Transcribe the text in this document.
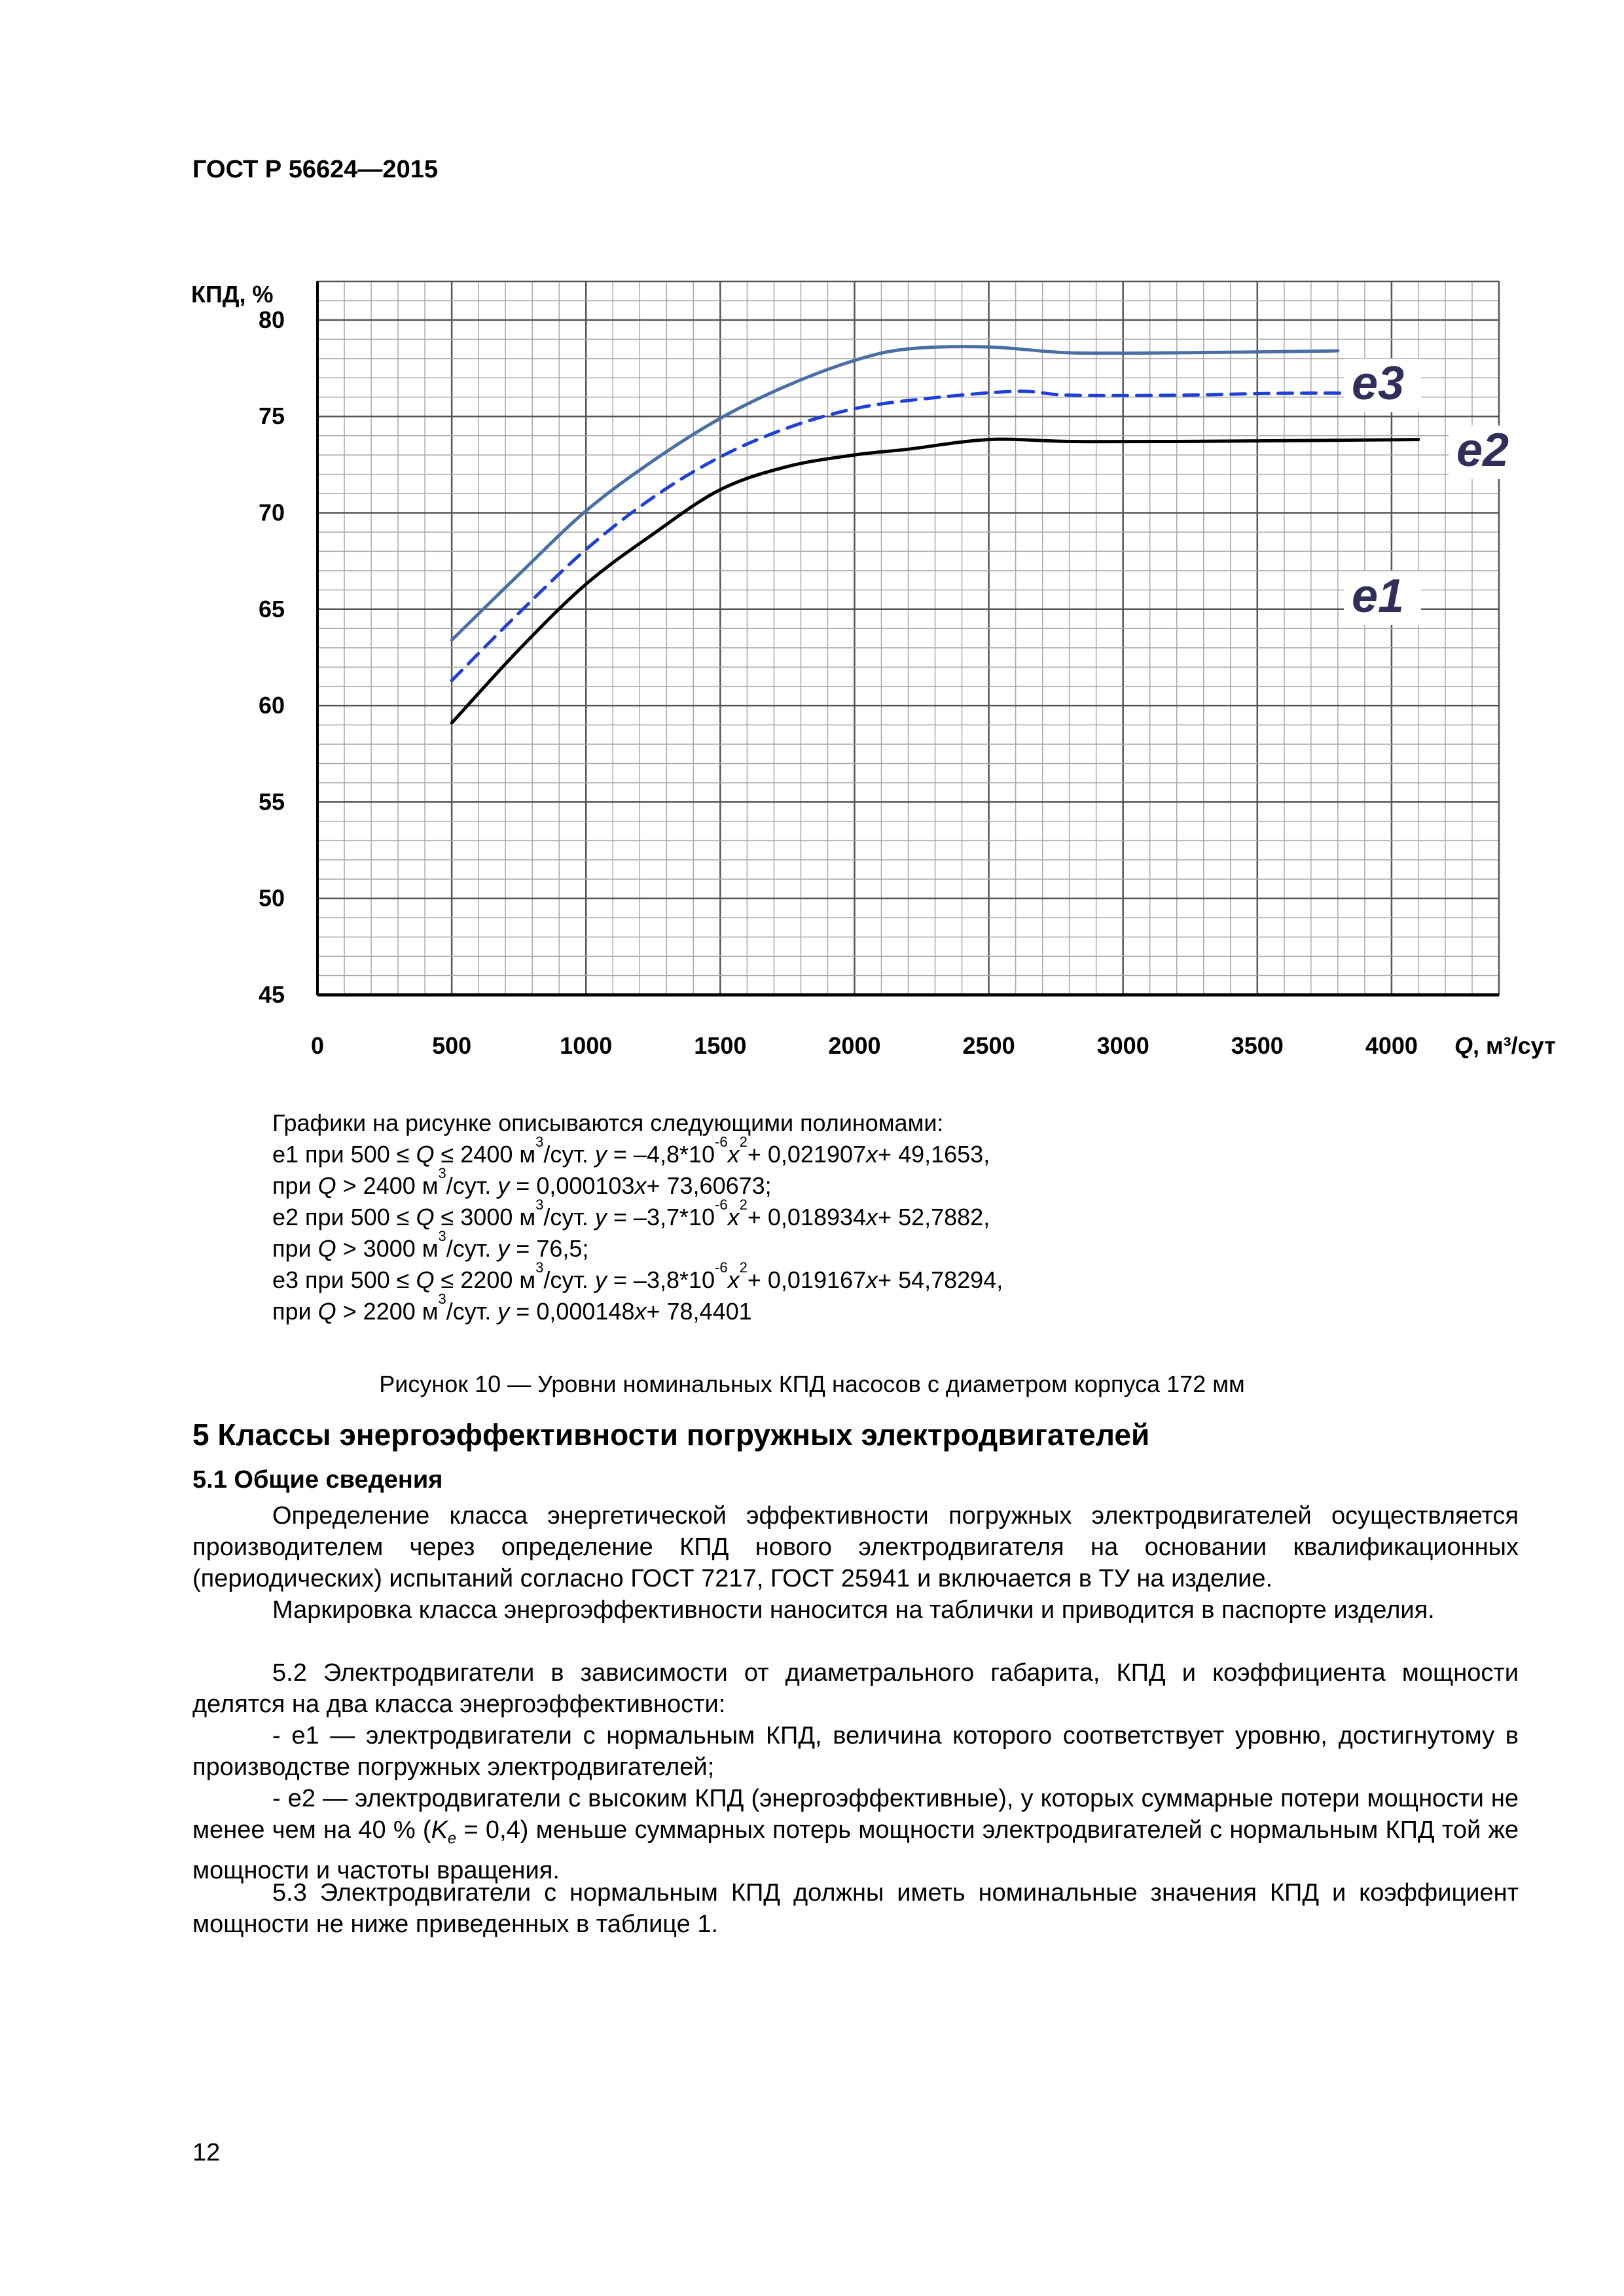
ГОСТ Р 56624—2015
45
50
55
60
65
70
75
80
0	500	1000	1500	2000	2500	3000	3500	4000
КПД, %
Q, м³/сут
e3
e2
e1
Графики на рисунке описываются следующими полиномами:
е1 при 500 ≤ Q ≤ 2400 $м^3$/сут. $y = -4,8*10^{-6}x^2+ 0,021907x+ 49,1653$,
при Q > 2400 $м^3$/сут. y = 0,000103x+ 73,60673;
е2 при 500 ≤ Q ≤ 3000 $м^3$/сут. $y = -3,7*10^{-6}x^2+ 0,018934x+ 52,7882$,
при Q > 3000 $м^3$/сут. y = 76,5;
е3 при 500 ≤ Q ≤ 2200 $м^3$/сут. $y = -3,8*10^{-6}x^2+ 0,019167x+ 54,78294$,
при Q > 2200 $м^3$/сут. y = 0,000148x+ 78,4401
Рисунок 10 — Уровни номинальных КПД насосов с диаметром корпуса 172 мм
5 Классы энергоэффективности погружных электродвигателей
5.1 Общие сведения

Определение класса энергетической эффективности погружных электродвигателей осуществляется производителем через определение КПД нового электродвигателя на основании квалификационных (периодических) испытаний согласно ГОСТ 7217, ГОСТ 25941 и включается в ТУ на изделие.

Маркировка класса энергоэффективности наносится на таблички и приводится в паспорте изделия.

5.2 Электродвигатели в зависимости от диаметрального габарита, КПД и коэффициента мощности делятся на два класса энергоэффективности:

- е1 — электродвигатели с нормальным КПД, величина которого соответствует уровню, достигнутому в производстве погружных электродвигателей;

- е2 — электродвигатели с высоким КПД (энергоэффективные), у которых суммарные потери мощности не менее чем на 40 % $(K_e = 0,4)$ меньше суммарных потерь мощности электродвигателей с нормальным КПД той же мощности и частоты вращения.

5.3 Электродвигатели с нормальным КПД должны иметь номинальные значения КПД и коэффициент мощности не ниже приведенных в таблице 1.

12
